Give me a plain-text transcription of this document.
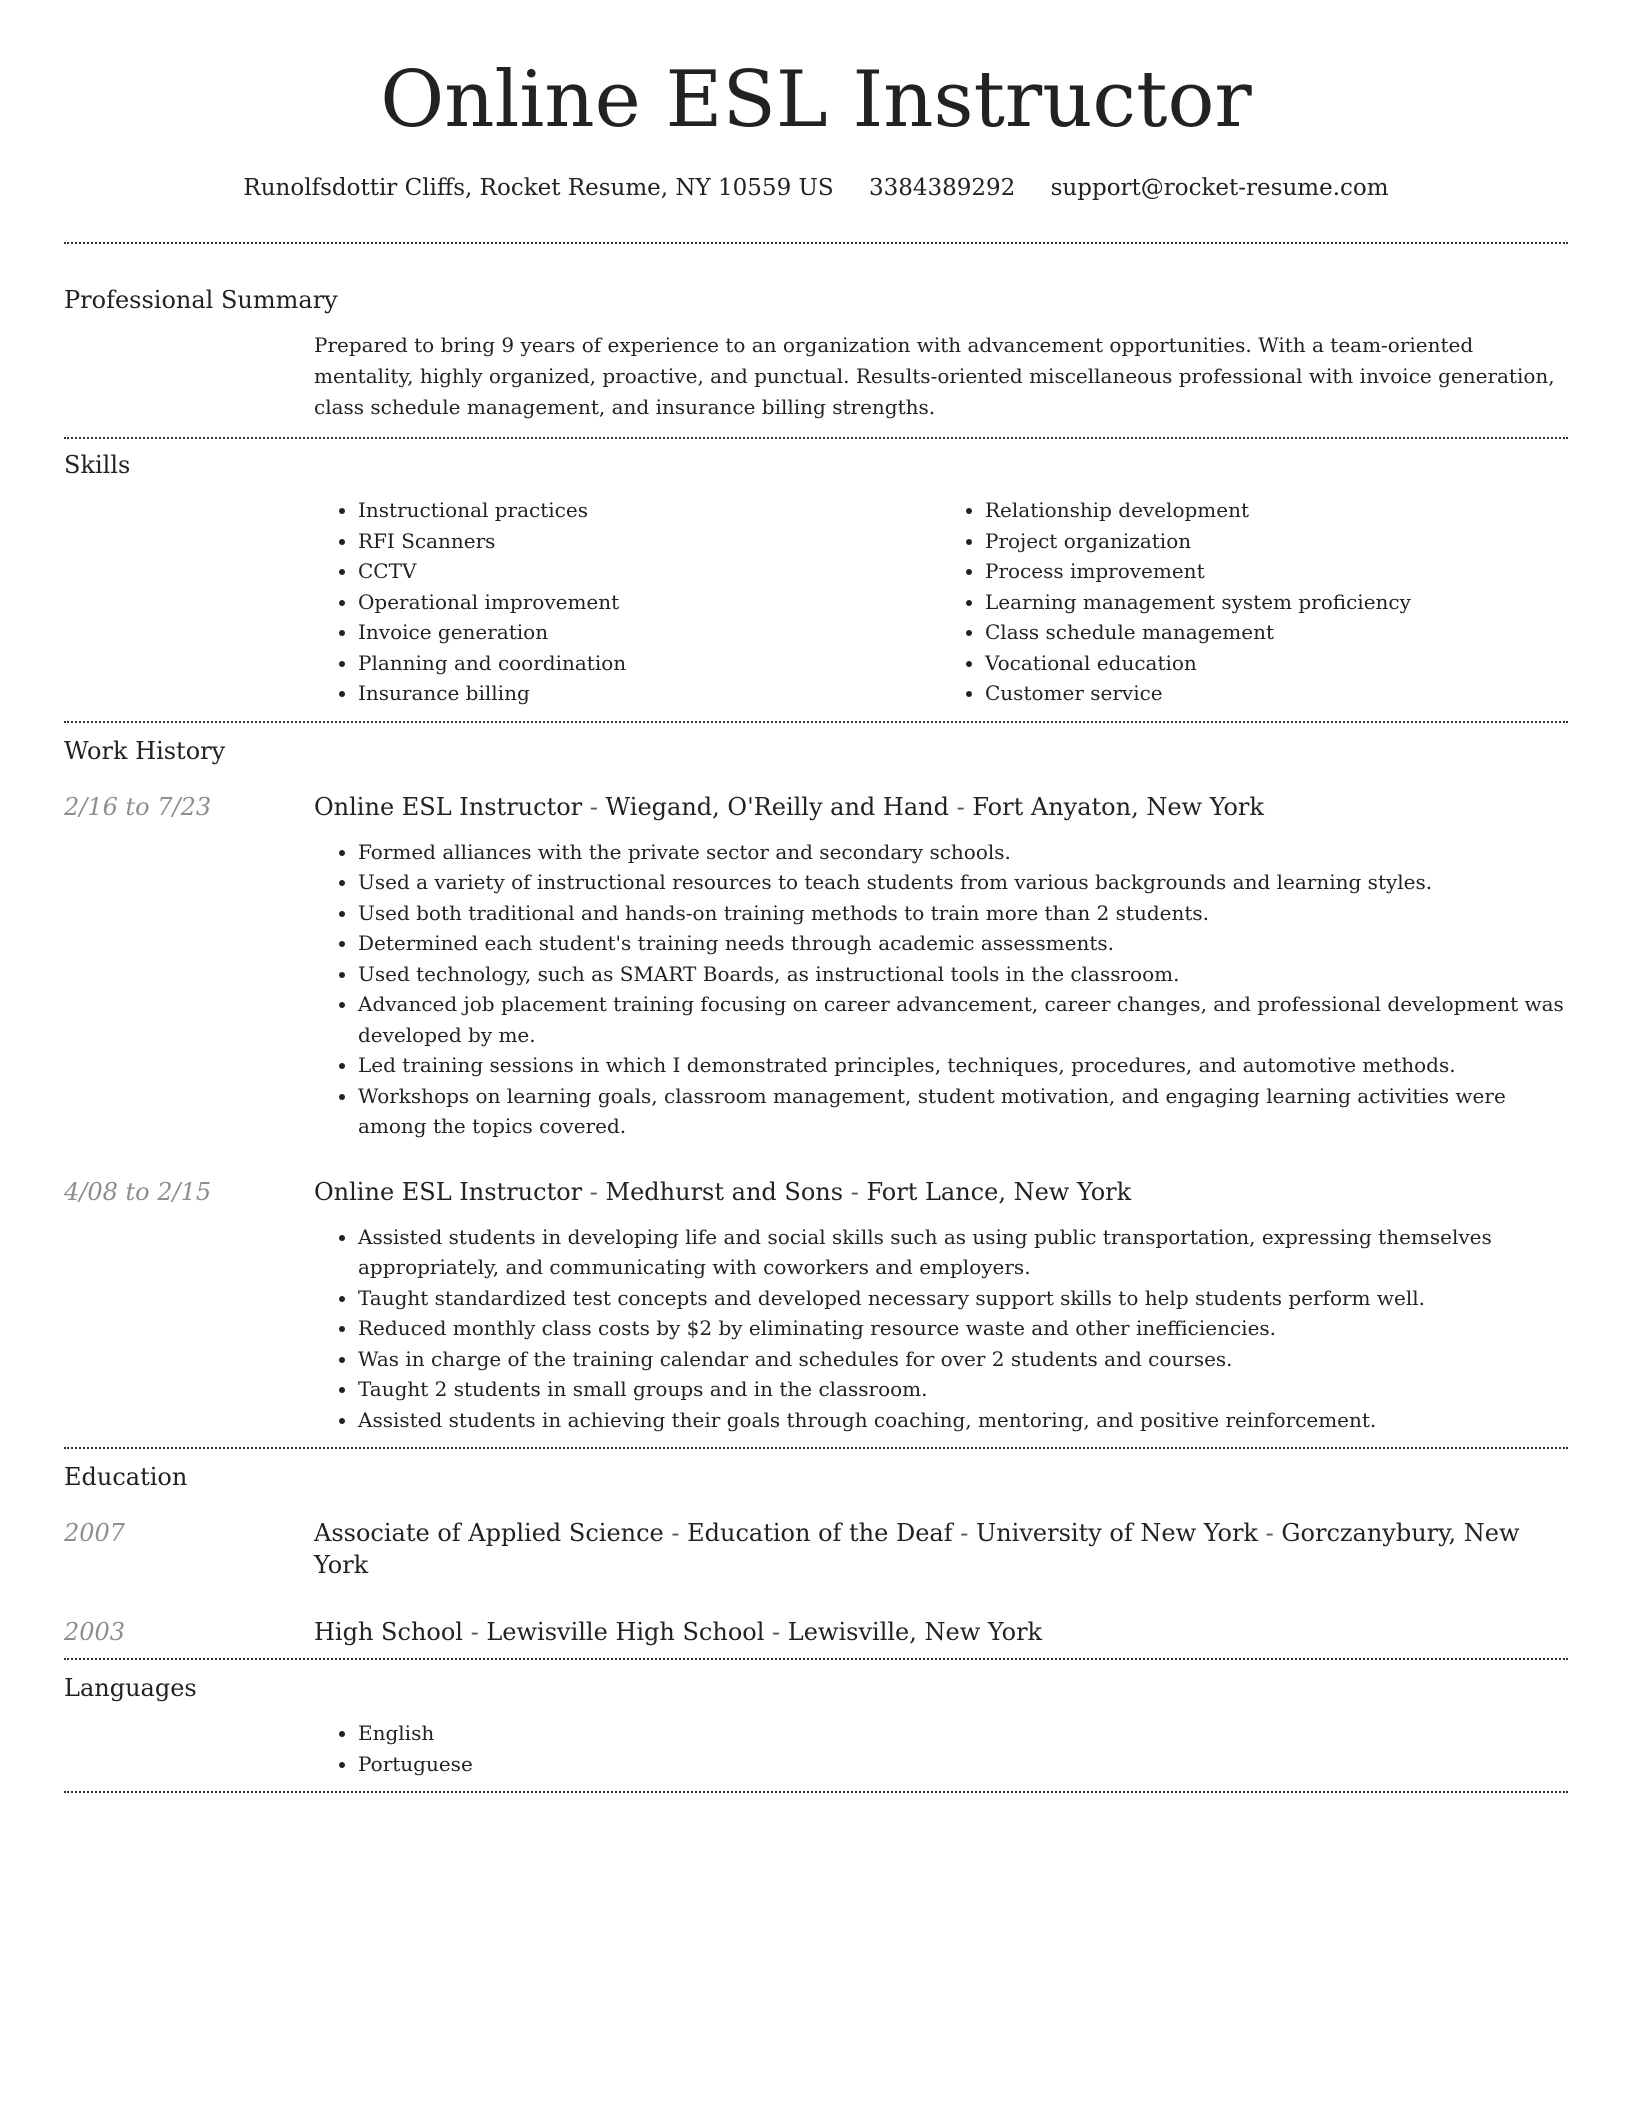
Online ESL Instructor
Runolfsdottir Cliffs, Rocket Resume, NY 10559 US 3384389292 support@rocket-resume.com
Professional Summary
Prepared to bring 9 years of experience to an organization with advancement opportunities. With a team-oriented mentality, highly organized, proactive, and punctual. Results-oriented miscellaneous professional with invoice generation, class schedule management, and insurance billing strengths.
Skills
• Instructional practices
• RFI Scanners
• CCTV
• Operational improvement
• Invoice generation
• Planning and coordination
• Insurance billing
• Relationship development
• Project organization
• Process improvement
• Learning management system proficiency
• Class schedule management
• Vocational education
• Customer service
Work History
2/16 to 7/23	Online ESL Instructor - Wiegand, O'Reilly and Hand - Fort Anyaton, New York
• Formed alliances with the private sector and secondary schools.
• Used a variety of instructional resources to teach students from various backgrounds and learning styles.
• Used both traditional and hands-on training methods to train more than 2 students.
• Determined each student's training needs through academic assessments.
• Used technology, such as SMART Boards, as instructional tools in the classroom.
• Advanced job placement training focusing on career advancement, career changes, and professional development was developed by me.
• Led training sessions in which I demonstrated principles, techniques, procedures, and automotive methods.
• Workshops on learning goals, classroom management, student motivation, and engaging learning activities were among the topics covered.
4/08 to 2/15	Online ESL Instructor - Medhurst and Sons - Fort Lance, New York
• Assisted students in developing life and social skills such as using public transportation, expressing themselves appropriately, and communicating with coworkers and employers.
• Taught standardized test concepts and developed necessary support skills to help students perform well.
• Reduced monthly class costs by $2 by eliminating resource waste and other inefficiencies.
• Was in charge of the training calendar and schedules for over 2 students and courses.
• Taught 2 students in small groups and in the classroom.
• Assisted students in achieving their goals through coaching, mentoring, and positive reinforcement.
Education
2007	Associate of Applied Science - Education of the Deaf - University of New York - Gorczanybury, New York
2003	High School - Lewisville High School - Lewisville, New York
Languages
• English
• Portuguese
